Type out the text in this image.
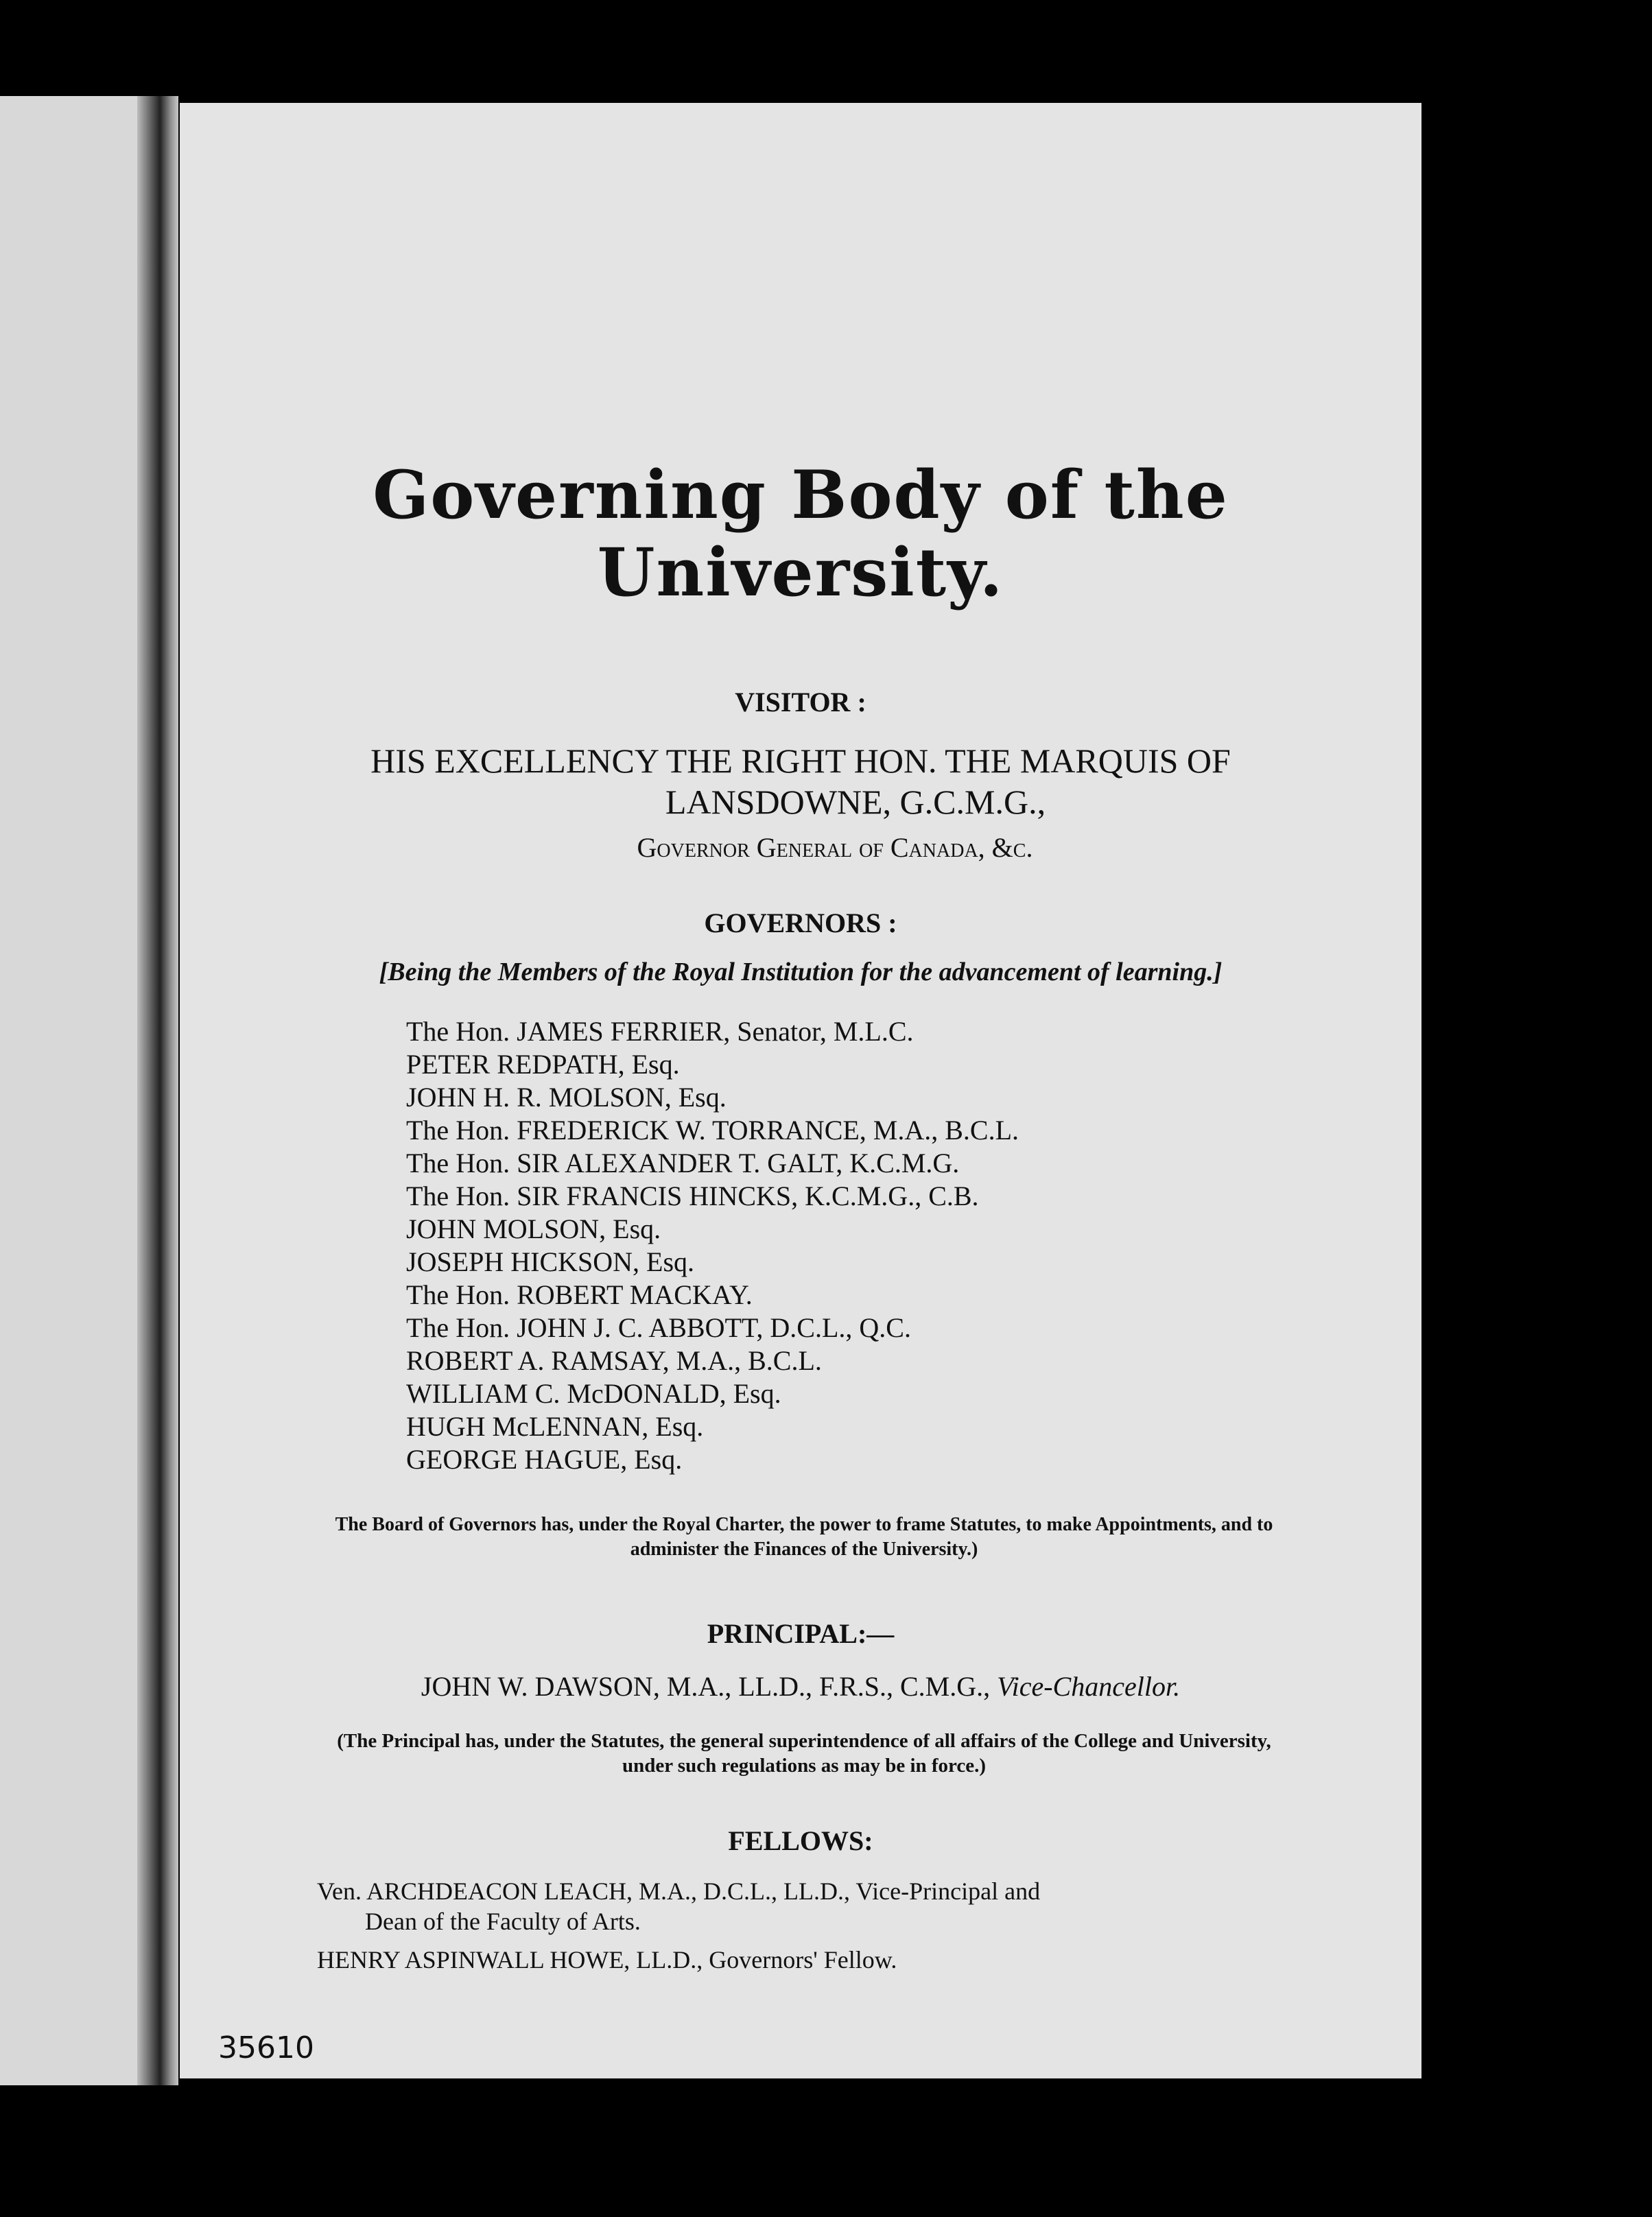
Governing Body of the University.
VISITOR :
HIS EXCELLENCY THE RIGHT HON. THE MARQUIS OF
LANSDOWNE, G.C.M.G.,
Governor General of Canada, &c.
GOVERNORS :
[Being the Members of the Royal Institution for the advancement of learning.]
The Hon. JAMES FERRIER, Senator, M.L.C.
PETER REDPATH, Esq.
JOHN H. R. MOLSON, Esq.
The Hon. FREDERICK W. TORRANCE, M.A., B.C.L.
The Hon. SIR ALEXANDER T. GALT, K.C.M.G.
The Hon. SIR FRANCIS HINCKS, K.C.M.G., C.B.
JOHN MOLSON, Esq.
JOSEPH HICKSON, Esq.
The Hon. ROBERT MACKAY.
The Hon. JOHN J. C. ABBOTT, D.C.L., Q.C.
ROBERT A. RAMSAY, M.A., B.C.L.
WILLIAM C. McDONALD, Esq.
HUGH McLENNAN, Esq.
GEORGE HAGUE, Esq.
The Board of Governors has, under the Royal Charter, the power to frame Statutes, to make Appointments, and to administer the Finances of the University.)
PRINCIPAL:—
JOHN W. DAWSON, M.A., LL.D., F.R.S., C.M.G., Vice-Chancellor.
(The Principal has, under the Statutes, the general superintendence of all affairs of the College and University, under such regulations as may be in force.)
FELLOWS:

Ven. ARCHDEACON LEACH, M.A., D.C.L., LL.D., Vice-Principal and
Dean of the Faculty of Arts.

HENRY ASPINWALL HOWE, LL.D., Governors' Fellow.

35610
